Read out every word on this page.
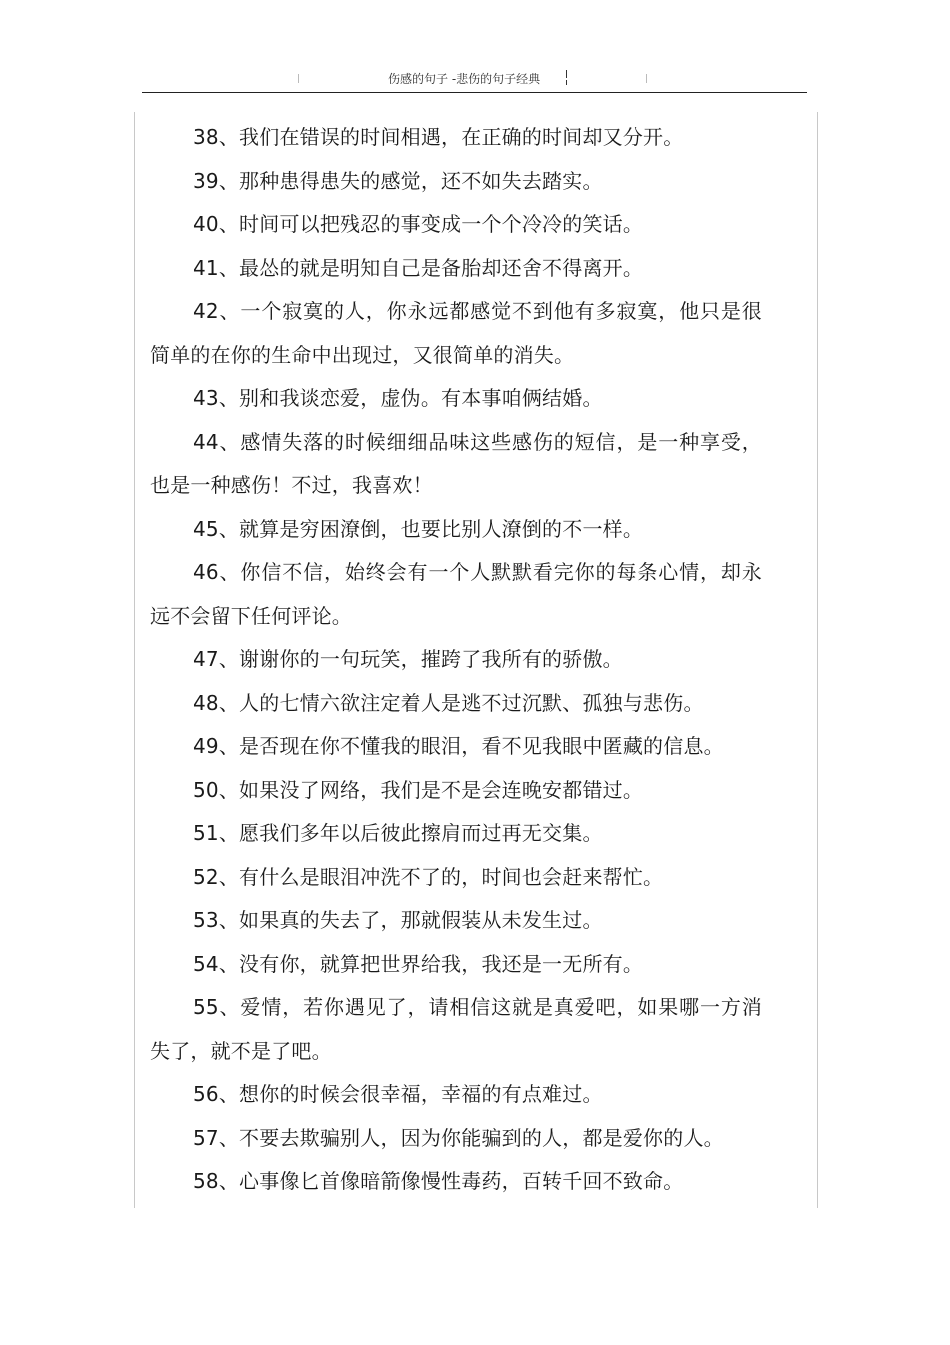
伤感的句子 -悲伤的句子经典

38、我们在错误的时间相遇，在正确的时间却又分开。

39、那种患得患失的感觉，还不如失去踏实。

40、时间可以把残忍的事变成一个个冷冷的笑话。

41、最怂的就是明知自己是备胎却还舍不得离开。

42、一个寂寞的人，你永远都感觉不到他有多寂寞，他只是很简单的在你的生命中出现过，又很简单的消失。

43、别和我谈恋爱，虚伪。有本事咱俩结婚。

44、感情失落的时候细细品味这些感伤的短信，是一种享受，也是一种感伤！不过，我喜欢！

45、就算是穷困潦倒，也要比别人潦倒的不一样。

46、你信不信，始终会有一个人默默看完你的每条心情，却永远不会留下任何评论。

47、谢谢你的一句玩笑，摧跨了我所有的骄傲。

48、人的七情六欲注定着人是逃不过沉默、孤独与悲伤。

49、是否现在你不懂我的眼泪，看不见我眼中匿藏的信息。

50、如果没了网络，我们是不是会连晚安都错过。

51、愿我们多年以后彼此擦肩而过再无交集。

52、有什么是眼泪冲洗不了的，时间也会赶来帮忙。

53、如果真的失去了，那就假装从未发生过。

54、没有你，就算把世界给我，我还是一无所有。

55、爱情，若你遇见了，请相信这就是真爱吧，如果哪一方消失了，就不是了吧。

56、想你的时候会很幸福，幸福的有点难过。

57、不要去欺骗别人，因为你能骗到的人，都是爱你的人。

58、心事像匕首像暗箭像慢性毒药，百转千回不致命。
